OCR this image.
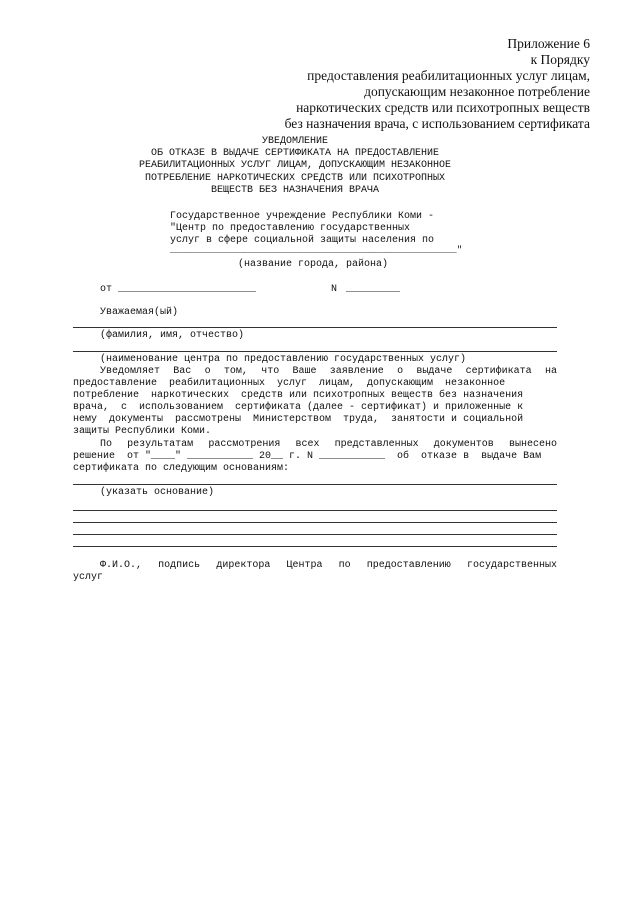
Приложение 6
к Порядку
предоставления реабилитационных услуг лицам,
допускающим незаконное потребление
наркотических средств или психотропных веществ
без назначения врача, с использованием сертификата
УВЕДОМЛЕНИЕ
ОБ ОТКАЗЕ В ВЫДАЧЕ СЕРТИФИКАТА НА ПРЕДОСТАВЛЕНИЕ
РЕАБИЛИТАЦИОННЫХ УСЛУГ ЛИЦАМ, ДОПУСКАЮЩИМ НЕЗАКОННОЕ
ПОТРЕБЛЕНИЕ НАРКОТИЧЕСКИХ СРЕДСТВ ИЛИ ПСИХОТРОПНЫХ
ВЕЩЕСТВ БЕЗ НАЗНАЧЕНИЯ ВРАЧА
Государственное учреждение Республики Коми -
"Центр по предоставлению государственных
услуг в сфере социальной защиты населения по
____________________________________________________"
(название города, района)
от _______________________	N _________
Уважаемая(ый)
(фамилия, имя, отчество)
(наименование центра по предоставлению государственных услуг)
Уведомляет Вас о том, что Ваше заявление о выдаче сертификата на
предоставление  реабилитационных  услуг  лицам,  допускающим  незаконное
потребление  наркотических  средств или психотропных веществ без назначения
врача,  с  использованием  сертификата (далее - сертификат) и приложенные к
нему  документы  рассмотрены  Министерством  труда,  занятости и социальной
защиты Республики Коми.
По результатам рассмотрения всех представленных документов вынесено
решение  от "____" ___________ 20__ г. N ___________  об  отказе в  выдаче Вам
сертификата по следующим основаниям:
(указать основание)
Ф.И.О., подпись директора Центра по предоставлению государственных
услуг
